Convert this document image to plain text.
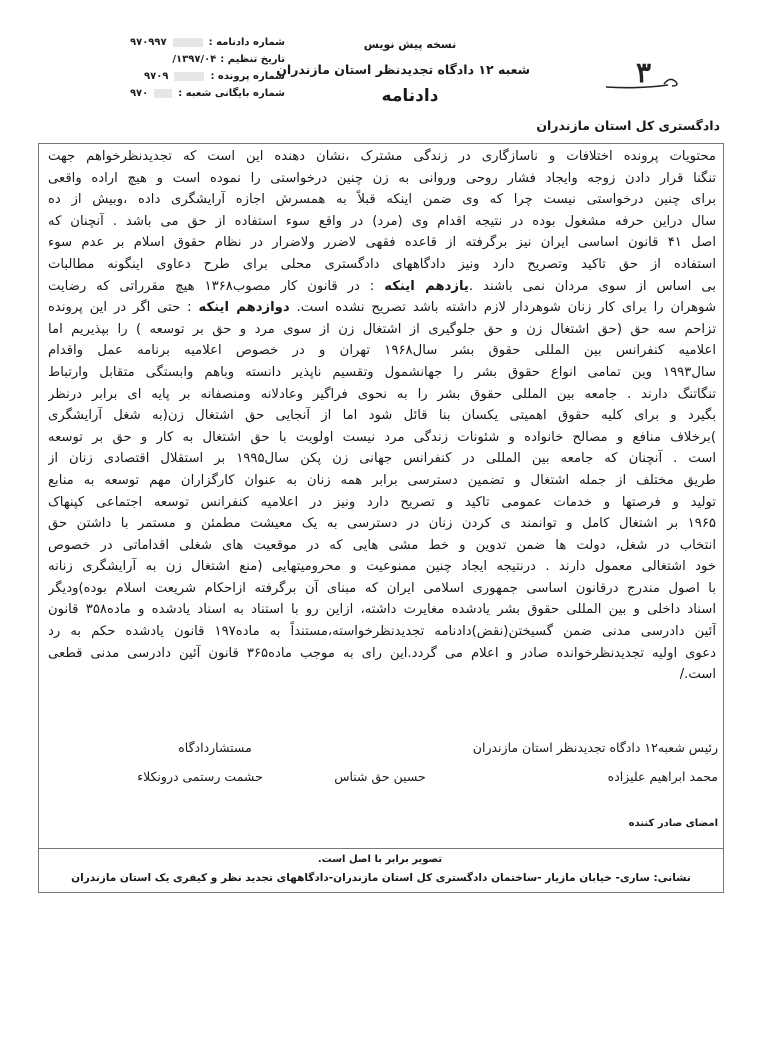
نسخه پیش نویس
شعبه ۱۲ دادگاه تجدیدنظر استان مازندران
دادنامه
دادگستری کل استان مازندران
۳
شماره دادنامه :
۹۷۰۹۹۷
تاریخ تنظیم :
۱۳۹۷/۰۴/
شماره پرونده :
۹۷۰۹
شماره بایگانی شعبه :
۹۷۰
محتویات پرونده اختلافات و ناسازگاری در زندگی مشترک ،نشان دهنده این است که تجدیدنظرخواهم جهت
تنگنا قرار دادن زوجه وایجاد فشار روحی وروانی به زن چنین درخواستی را نموده است و هیچ اراده واقعی
برای چنین درخواستی نیست چرا که وی ضمن اینکه قبلاً به همسرش اجازه آرایشگری داده ،وبیش از ده
سال دراین حرفه مشغول بوده در نتیجه اقدام وی (مرد) در واقع سوء استفاده از حق می باشد . آنچنان که
اصل ۴۱ قانون اساسی ایران نیز برگرفته از قاعده فقهی لاضرر ولاضرار در نظام حقوق اسلام بر عدم سوء
استفاده از حق تاکید وتصریح دارد ونیز دادگاههای دادگستری محلی برای طرح دعاوی اینگونه مطالبات
بی اساس از سوی مردان نمی باشند .یازدهم اینکه : در قانون کار مصوب۱۳۶۸ هیچ مقرراتی که رضایت
شوهران را برای کار زنان شوهردار لازم داشته باشد تصریح نشده است. دوازدهم اینکه : حتی اگر در این پرونده
تزاحم سه حق (حق اشتغال زن و حق جلوگیری از اشتغال زن از سوی مرد و حق بر توسعه ) را بپذیریم اما
اعلامیه کنفرانس بین المللی حقوق بشر سال۱۹۶۸ تهران و در خصوص اعلامیه برنامه عمل واقدام
سال۱۹۹۳ وین تمامی انواع حقوق بشر را جهانشمول وتقسیم ناپذیر دانسته وباهم وابستگی متقابل وارتباط
تنگاتنگ دارند . جامعه بین المللی حقوق بشر را به نحوی فراگیر وعادلانه ومنصفانه بر پایه ای برابر درنظر
بگیرد و برای کلیه حقوق اهمیتی یکسان بنا قائل شود اما از آنجایی حق اشتغال زن(به شغل آرایشگری
)برخلاف منافع و مصالح خانواده و شئونات زندگی مرد نیست اولویت با حق اشتغال به کار و حق بر توسعه
است . آنچنان که جامعه بین المللی در کنفرانس جهانی زن پکن سال۱۹۹۵ بر استقلال اقتصادی زنان از
طریق مختلف از جمله اشتغال و تضمین دسترسی برابر همه زنان به عنوان کارگزاران مهم توسعه به منابع
تولید و فرصتها و خدمات عمومی تاکید و تصریح دارد ونیز در اعلامیه کنفرانس توسعه اجتماعی کپنهاک
۱۹۶۵ بر اشتغال کامل و توانمند ی کردن زنان در دسترسی به یک معیشت مطمئن و مستمر با داشتن حق
انتخاب در شغل، دولت ها ضمن تدوین و خط مشی هایی که در موقعیت های شغلی اقداماتی در خصوص
خود اشتغالی معمول دارند . درنتیجه ایجاد چنین ممنوعیت و محرومیتهایی (منع اشتغال زن به آرایشگری زنانه
با اصول مندرج درقانون اساسی جمهوری اسلامی ایران که مبنای آن برگرفته ازاحکام شریعت اسلام بوده)ودیگر
اسناد داخلی و بین المللی حقوق بشر یادشده مغایرت داشته، ازاین رو با استناد به اسناد یادشده و ماده۳۵۸ قانون
آئین دادرسی مدنی ضمن گسیختن(نقض)دادنامه تجدیدنظرخواسته،مستنداً به ماده۱۹۷ قانون یادشده حکم به رد
دعوی اولیه تجدیدنظرخوانده صادر و اعلام می گردد.این رای به موجب ماده۳۶۵ قانون آئین دادرسی مدنی قطعی
است./
رئیس شعبه۱۲ دادگاه تجدیدنظر استان مازندران
مستشاردادگاه
محمد ابراهیم علیزاده
حسین حق شناس
حشمت رستمی درونکلاء
امضای صادر کننده
تصویر برابر با اصل است.
نشانی: ساری- خیابان مازیار -ساختمان دادگستری کل استان مازندران-دادگاههای تجدید نظر و کیفری یک استان مازندران
